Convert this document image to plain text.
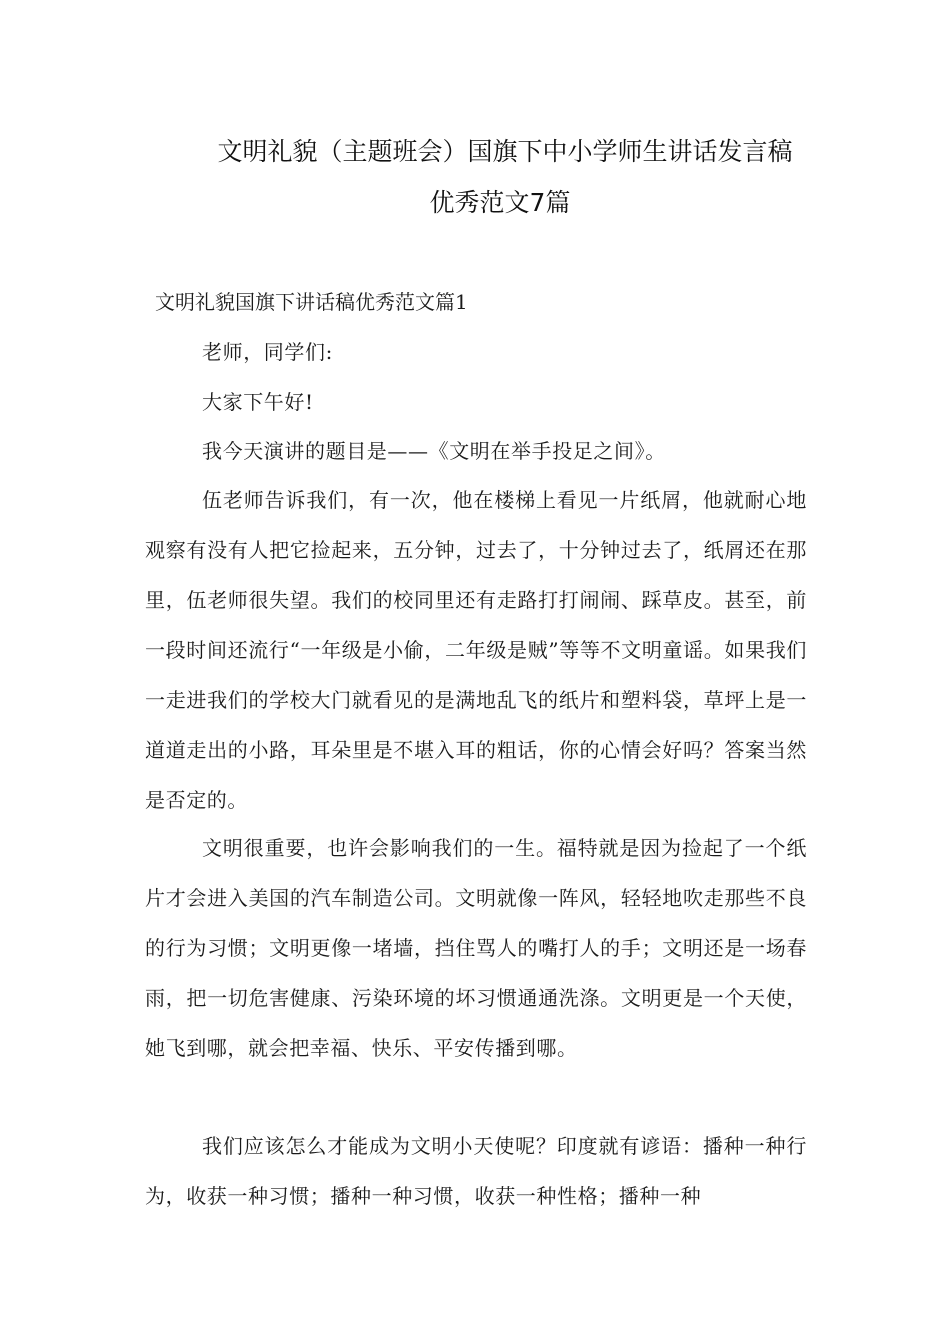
文明礼貌（主题班会）国旗下中小学师生讲话发言稿
优秀范文7篇
文明礼貌国旗下讲话稿优秀范文篇1
老师，同学们:
大家下午好!
我今天演讲的题目是——《文明在举手投足之间》。

伍老师告诉我们，有一次，他在楼梯上看见一片纸屑，他就耐心地观察有没有人把它捡起来，五分钟，过去了，十分钟过去了，纸屑还在那里，伍老师很失望。我们的校同里还有走路打打闹闹、踩草皮。甚至，前一段时间还流行“一年级是小偷，二年级是贼”等等不文明童谣。如果我们一走进我们的学校大门就看见的是满地乱飞的纸片和塑料袋，草坪上是一道道走出的小路，耳朵里是不堪入耳的粗话，你的心情会好吗？答案当然是否定的。

文明很重要，也许会影响我们的一生。福特就是因为捡起了一个纸片才会进入美国的汽车制造公司。文明就像一阵风，轻轻地吹走那些不良的行为习惯；文明更像一堵墙，挡住骂人的嘴打人的手；文明还是一场春雨，把一切危害健康、污染环境的坏习惯通通洗涤。文明更是一个天使，她飞到哪，就会把幸福、快乐、平安传播到哪。

我们应该怎么才能成为文明小天使呢？印度就有谚语：播种一种行为，收获一种习惯；播种一种习惯，收获一种性格；播种一种
